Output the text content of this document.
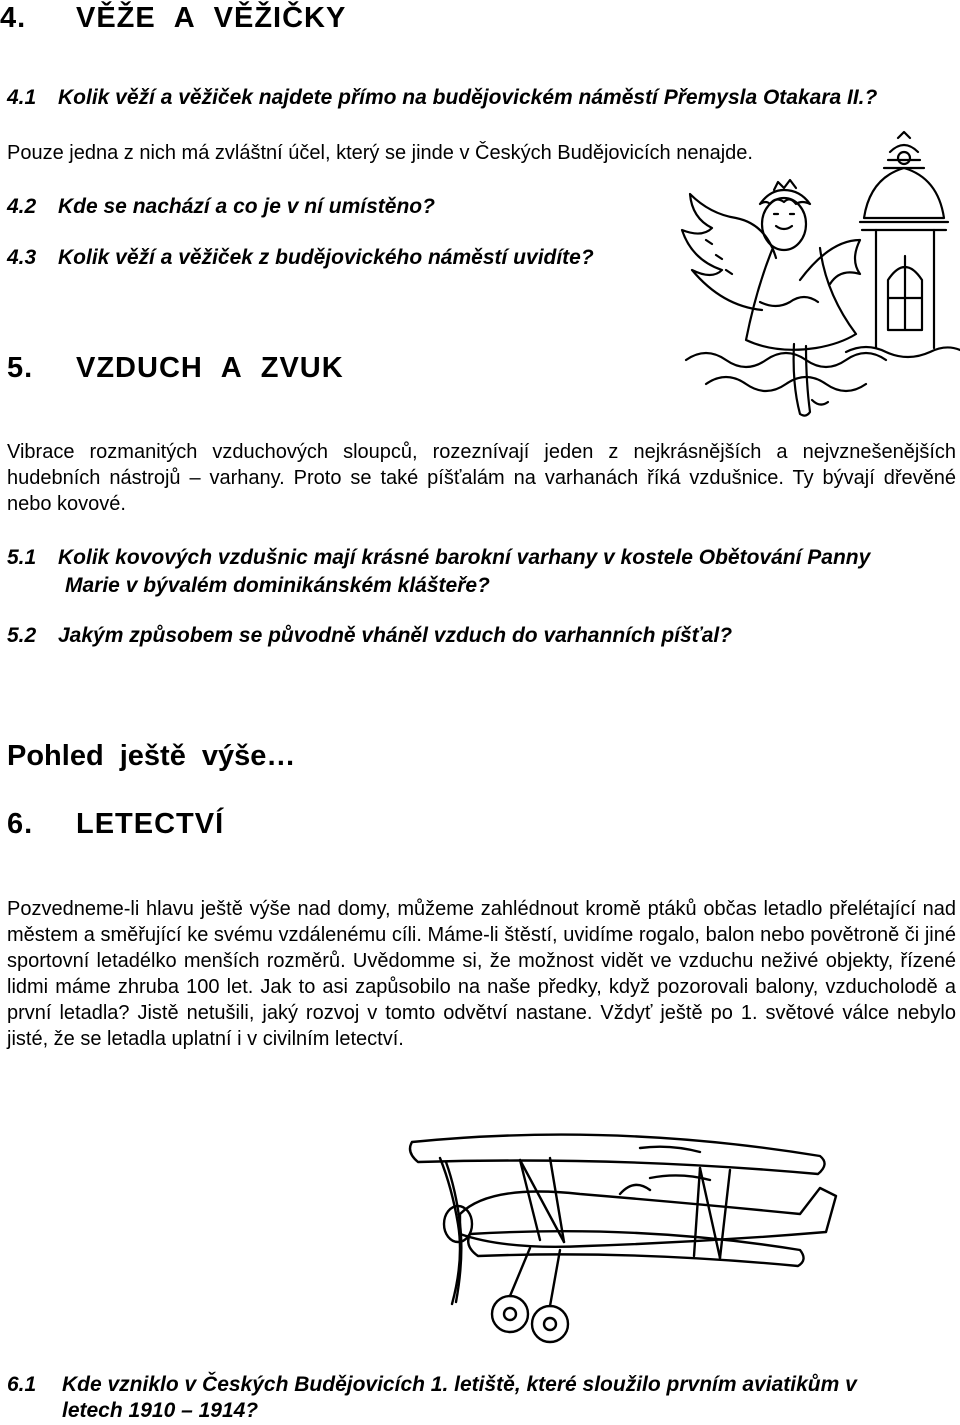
4. VĚŽE A VĚŽIČKY
4.1 Kolik věží a věžiček najdete přímo na budějovickém náměstí Přemysla Otakara II.?
Pouze jedna z nich má zvláštní účel, který se jinde v Českých Budějovicích nenajde.
4.2 Kde se nachází a co je v ní umístěno?
4.3 Kolik věží a věžiček z budějovického náměstí uvidíte?
5. VZDUCH A ZVUK

Vibrace rozmanitých vzduchových sloupců, rozeznívají jeden z nejkrásnějších a nejvznešenějších hudebních nástrojů – varhany. Proto se také píšťalám na varhanách říká vzdušnice. Ty bývají dřevěné nebo kovové.

5.1 Kolik kovových vzdušnic mají krásné barokní varhany v kostele Obětování Panny
Marie v bývalém dominikánském klášteře?
5.2 Jakým způsobem se původně vháněl vzduch do varhanních píšťal?
Pohled ještě výše…
6. LETECTVÍ

Pozvedneme-li hlavu ještě výše nad domy, můžeme zahlédnout kromě ptáků občas letadlo přelétající nad městem a směřující ke svému vzdálenému cíli. Máme-li štěstí, uvidíme rogalo, balon nebo povětroně či jiné sportovní letadélko menších rozměrů. Uvědomme si, že možnost vidět ve vzduchu neživé objekty, řízené lidmi máme zhruba 100 let. Jak to asi zapůsobilo na naše předky, když pozorovali balony, vzducholodě a první letadla? Jistě netušili, jaký rozvoj v tomto odvětví nastane. Vždyť ještě po 1. světové válce nebylo jisté, že se letadla uplatní i v civilním letectví.

6.1 Kde vzniklo v Českých Budějovicích 1. letiště, které sloužilo prvním aviatikům v
letech 1910 – 1914?
